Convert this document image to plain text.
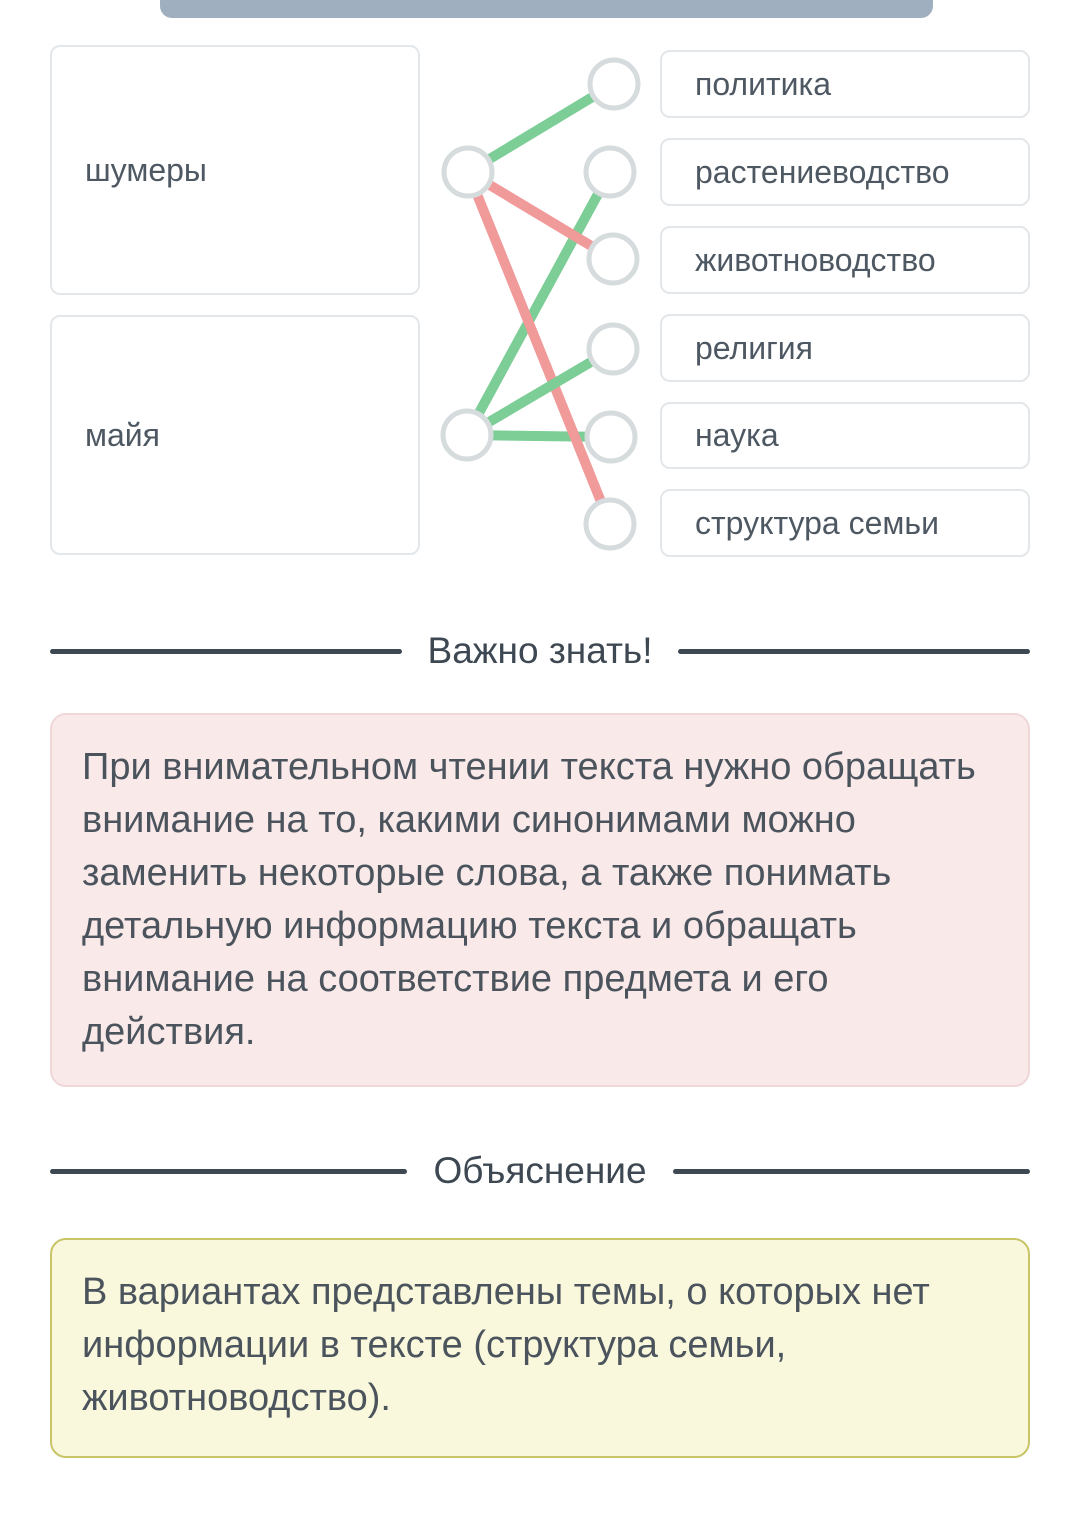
шумеры
майя
политика
растениеводство
животноводство
религия
наука
структура семьи
Важно знать!
При внимательном чтении текста нужно обращать внимание на то, какими синонимами можно заменить некоторые слова, а также понимать детальную информацию текста и обращать внимание на соответствие предмета и его действия.
Объяснение
В вариантах представлены темы, о которых нет информации в тексте (структура семьи, животноводство).
